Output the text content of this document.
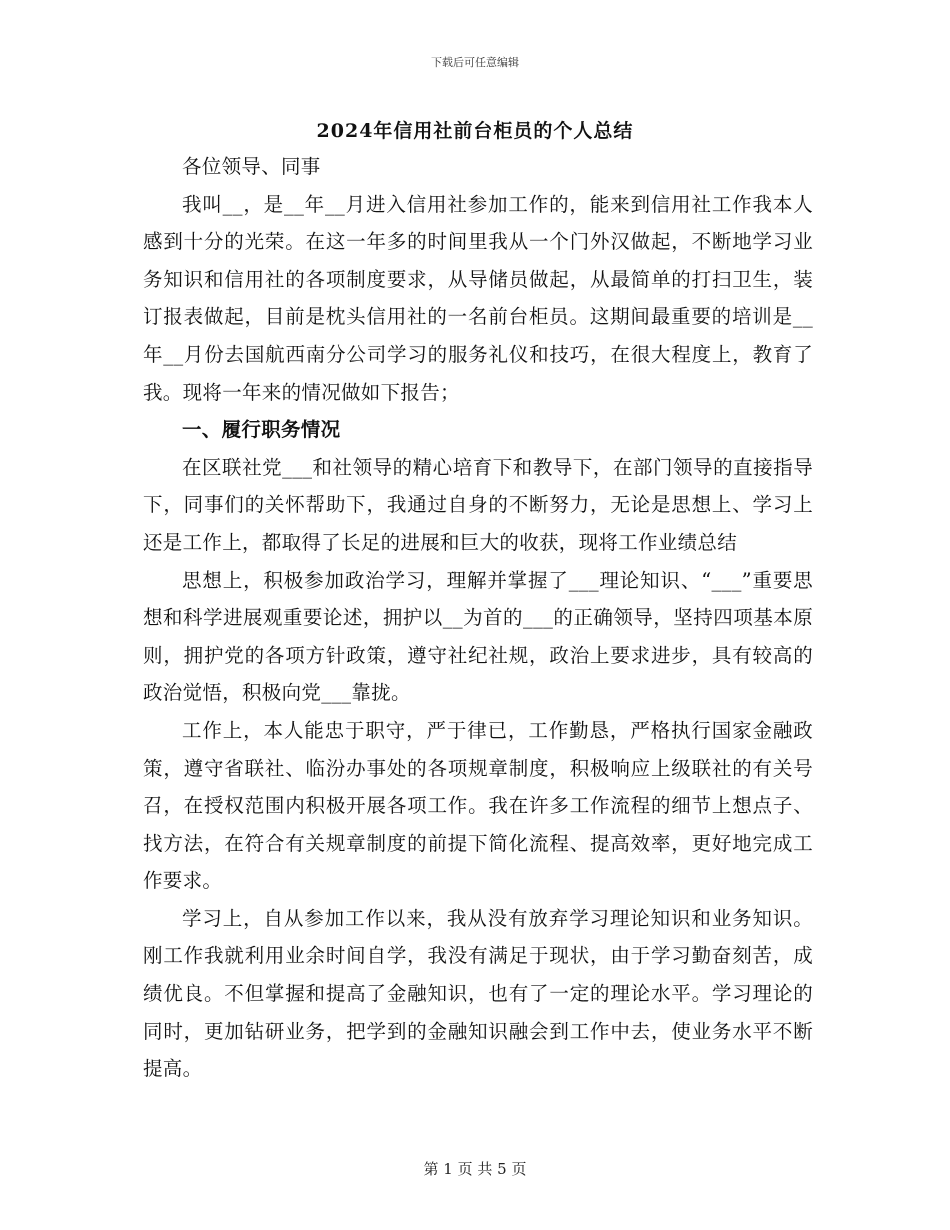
下载后可任意编辑
2024年信用社前台柜员的个人总结

各位领导、同事

我叫__，是__年__月进入信用社参加工作的，能来到信用社工作我本人感到十分的光荣。在这一年多的时间里我从一个门外汉做起，不断地学习业务知识和信用社的各项制度要求，从导储员做起，从最简单的打扫卫生，装订报表做起，目前是枕头信用社的一名前台柜员。这期间最重要的培训是__年__月份去国航西南分公司学习的服务礼仪和技巧，在很大程度上，教育了我。现将一年来的情况做如下报告；

一、履行职务情况

在区联社党___和社领导的精心培育下和教导下，在部门领导的直接指导下，同事们的关怀帮助下，我通过自身的不断努力，无论是思想上、学习上还是工作上，都取得了长足的进展和巨大的收获，现将工作业绩总结

思想上，积极参加政治学习，理解并掌握了___理论知识、“___”重要思想和科学进展观重要论述，拥护以__为首的___的正确领导，坚持四项基本原则，拥护党的各项方针政策，遵守社纪社规，政治上要求进步，具有较高的政治觉悟，积极向党___靠拢。

工作上，本人能忠于职守，严于律已，工作勤恳，严格执行国家金融政策，遵守省联社、临汾办事处的各项规章制度，积极响应上级联社的有关号召，在授权范围内积极开展各项工作。我在许多工作流程的细节上想点子、找方法，在符合有关规章制度的前提下简化流程、提高效率，更好地完成工作要求。

学习上，自从参加工作以来，我从没有放弃学习理论知识和业务知识。刚工作我就利用业余时间自学，我没有满足于现状，由于学习勤奋刻苦，成绩优良。不但掌握和提高了金融知识，也有了一定的理论水平。学习理论的同时，更加钻研业务，把学到的金融知识融会到工作中去，使业务水平不断提高。

第 1 页 共 5 页
